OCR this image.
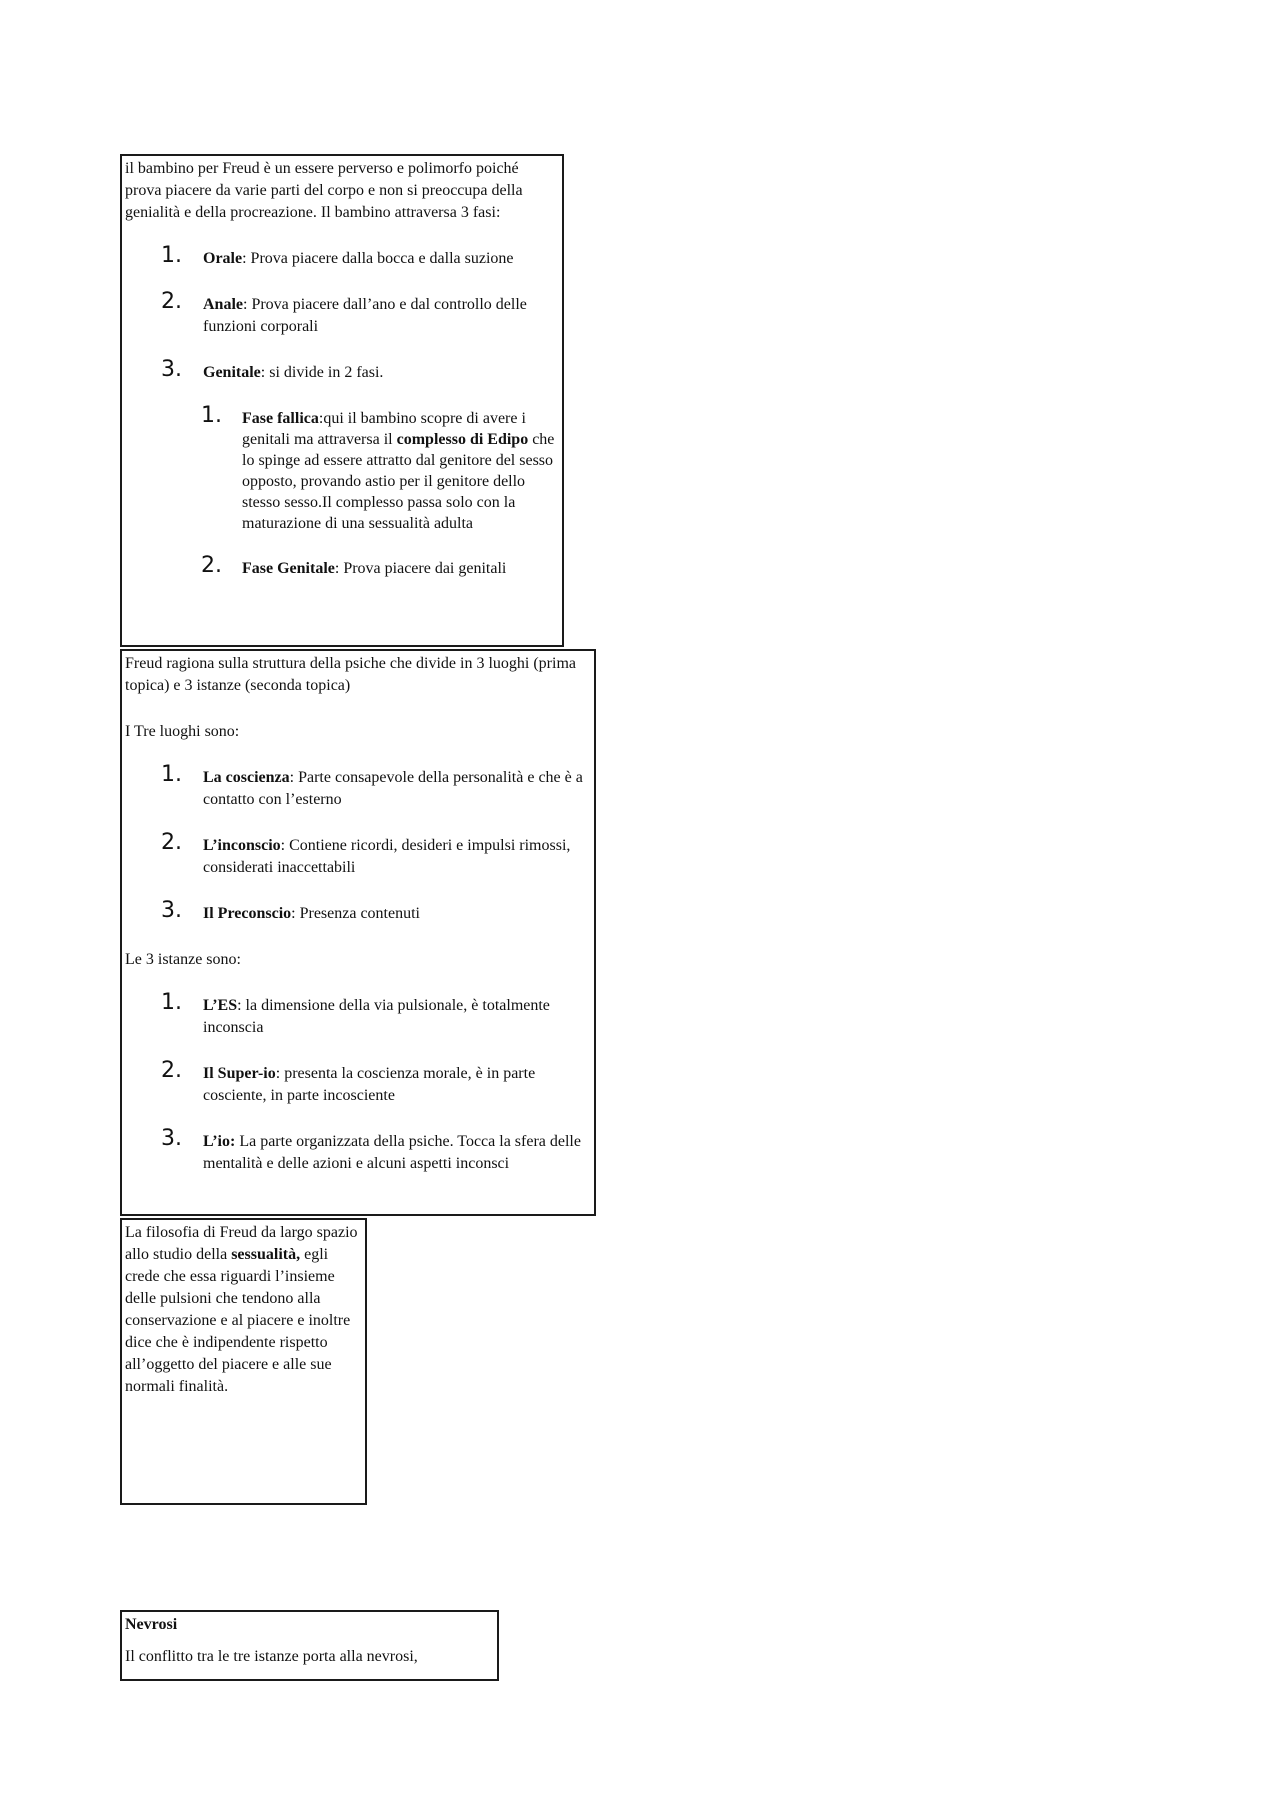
il bambino per Freud è un essere perverso e polimorfo poiché prova piacere da varie parti del corpo e non si preoccupa della genialità e della procreazione. Il bambino attraversa 3 fasi:

1. Orale: Prova piacere dalla bocca e dalla suzione
2. Anale: Prova piacere dall’ano e dal controllo delle funzioni corporali
3. Genitale: si divide in 2 fasi.
1. Fase fallica:qui il bambino scopre di avere i genitali ma attraversa il complesso di Edipo che lo spinge ad essere attratto dal genitore del sesso opposto, provando astio per il genitore dello stesso sesso.Il complesso passa solo con la maturazione di una sessualità adulta
2. Fase Genitale: Prova piacere dai genitali

Freud ragiona sulla struttura della psiche che divide in 3 luoghi (prima topica) e 3 istanze (seconda topica)

I Tre luoghi sono:

1. La coscienza: Parte consapevole della personalità e che è a contatto con l’esterno
2. L’inconscio: Contiene ricordi, desideri e impulsi rimossi, considerati inaccettabili
3. Il Preconscio: Presenza contenuti

Le 3 istanze sono:

1. L’ES: la dimensione della via pulsionale, è totalmente inconscia
2. Il Super-io: presenta la coscienza morale, è in parte cosciente, in parte incosciente
3. L’io: La parte organizzata della psiche. Tocca la sfera delle mentalità e delle azioni e alcuni aspetti inconsci

La filosofia di Freud da largo spazio allo studio della sessualità, egli crede che essa riguardi l’insieme delle pulsioni che tendono alla conservazione e al piacere e inoltre dice che è indipendente rispetto all’oggetto del piacere e alle sue normali finalità.

Nevrosi

Il conflitto tra le tre istanze porta alla nevrosi,
